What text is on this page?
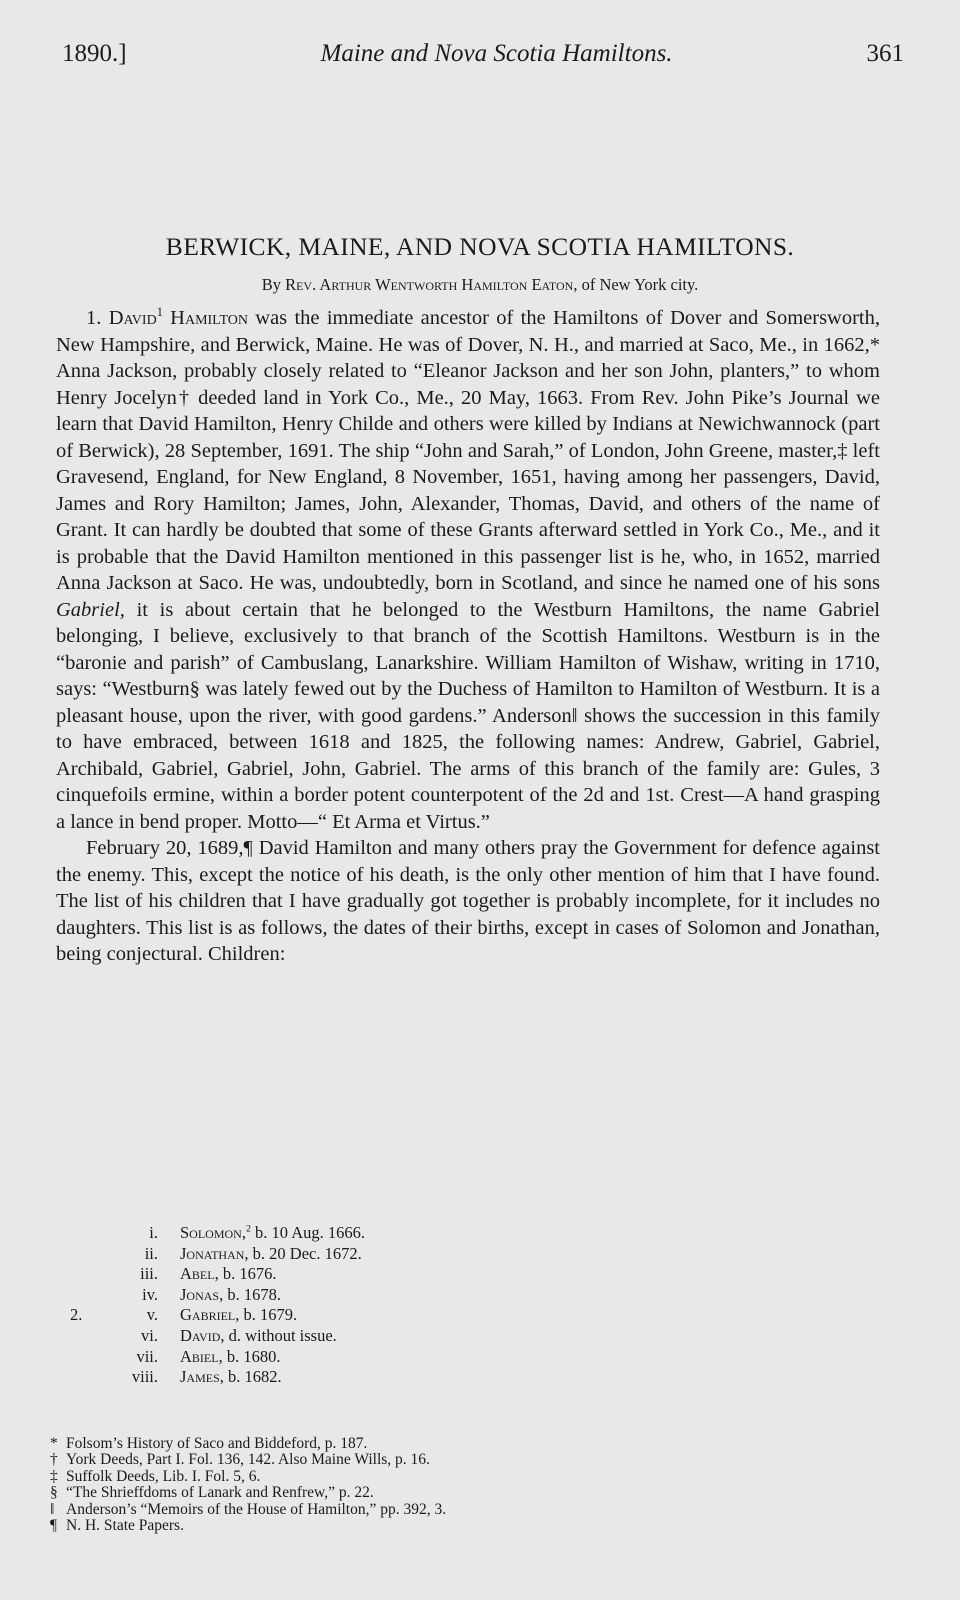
1890.]	Maine and Nova Scotia Hamiltons.	361
BERWICK, MAINE, AND NOVA SCOTIA HAMILTONS.
By Rev. Arthur Wentworth Hamilton Eaton, of New York city.

1. David$^1$ Hamilton was the immediate ancestor of the Hamiltons of Dover and Somersworth, New Hampshire, and Berwick, Maine. He was of Dover, N. H., and married at Saco, Me., in 1662,* Anna Jackson, probably closely related to “Eleanor Jackson and her son John, planters,” to whom Henry Jocelyn† deeded land in York Co., Me., 20 May, 1663. From Rev. John Pike’s Journal we learn that David Hamilton, Henry Childe and others were killed by Indians at Newichwannock (part of Berwick), 28 September, 1691. The ship “John and Sarah,” of London, John Greene, master,‡ left Gravesend, England, for New England, 8 November, 1651, having among her passengers, David, James and Rory Hamilton; James, John, Alexander, Thomas, David, and others of the name of Grant. It can hardly be doubted that some of these Grants afterward settled in York Co., Me., and it is probable that the David Hamilton mentioned in this passenger list is he, who, in 1652, married Anna Jackson at Saco. He was, undoubtedly, born in Scotland, and since he named one of his sons Gabriel, it is about certain that he belonged to the Westburn Hamiltons, the name Gabriel belonging, I believe, exclusively to that branch of the Scottish Hamiltons. Westburn is in the “baronie and parish” of Cambuslang, Lanarkshire. William Hamilton of Wishaw, writing in 1710, says: “Westburn§ was lately fewed out by the Duchess of Hamilton to Hamilton of Westburn. It is a pleasant house, upon the river, with good gardens.” Anderson‖ shows the succession in this family to have embraced, between 1618 and 1825, the following names: Andrew, Gabriel, Gabriel, Archibald, Gabriel, Gabriel, John, Gabriel. The arms of this branch of the family are: Gules, 3 cinquefoils ermine, within a border potent counterpotent of the 2d and 1st. Crest—A hand grasping a lance in bend proper. Motto—“ Et Arma et Virtus.”

February 20, 1689,¶ David Hamilton and many others pray the Government for defence against the enemy. This, except the notice of his death, is the only other mention of him that I have found. The list of his children that I have gradually got together is probably incomplete, for it includes no daughters. This list is as follows, the dates of their births, except in cases of Solomon and Jonathan, being conjectural. Children:

i.	Solomon,$^2$ b. 10 Aug. 1666.
ii.	Jonathan, b. 20 Dec. 1672.
iii.	Abel, b. 1676.
iv.	Jonas, b. 1678.
2.	v.	Gabriel, b. 1679.
vi.	David, d. without issue.
vii.	Abiel, b. 1680.
viii.	James, b. 1682.
* Folsom’s History of Saco and Biddeford, p. 187.
† York Deeds, Part I. Fol. 136, 142. Also Maine Wills, p. 16.
‡ Suffolk Deeds, Lib. I. Fol. 5, 6.
§ “The Shrieffdoms of Lanark and Renfrew,” p. 22.
‖ Anderson’s “Memoirs of the House of Hamilton,” pp. 392, 3.
¶ N. H. State Papers.
